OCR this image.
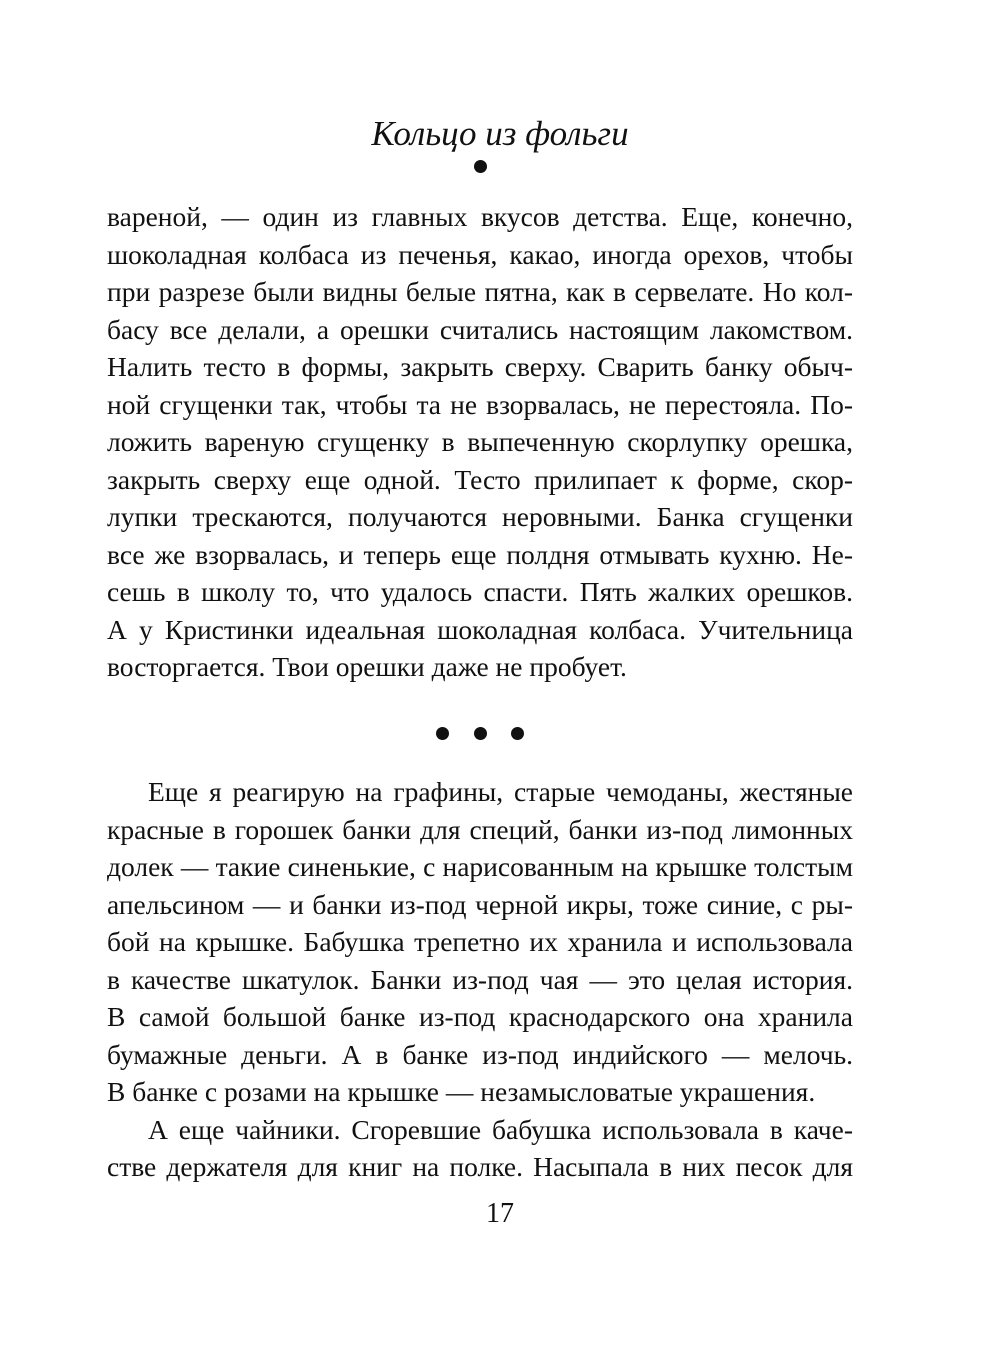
Кольцо из фольги
вареной, — один из главных вкусов детства. Еще, конечно,
шоколадная колбаса из печенья, какао, иногда орехов, чтобы
при разрезе были видны белые пятна, как в сервелате. Но кол-
басу все делали, а орешки считались настоящим лакомством.
Налить тесто в формы, закрыть сверху. Сварить банку обыч-
ной сгущенки так, чтобы та не взорвалась, не перестояла. По-
ложить вареную сгущенку в выпеченную скорлупку орешка,
закрыть сверху еще одной. Тесто прилипает к форме, скор-
лупки трескаются, получаются неровными. Банка сгущенки
все же взорвалась, и теперь еще полдня отмывать кухню. Не-
сешь в школу то, что удалось спасти. Пять жалких орешков.
А у Кристинки идеальная шоколадная колбаса. Учительница
восторгается. Твои орешки даже не пробует.
Еще я реагирую на графины, старые чемоданы, жестяные
красные в горошек банки для специй, банки из-под лимонных
долек — такие синенькие, с нарисованным на крышке толстым
апельсином — и банки из-под черной икры, тоже синие, с ры-
бой на крышке. Бабушка трепетно их хранила и использовала
в качестве шкатулок. Банки из-под чая — это целая история.
В самой большой банке из-под краснодарского она хранила
бумажные деньги. А в банке из-под индийского — мелочь.
В банке с розами на крышке — незамысловатые украшения.
А еще чайники. Сгоревшие бабушка использовала в каче-
стве держателя для книг на полке. Насыпала в них песок для
17
